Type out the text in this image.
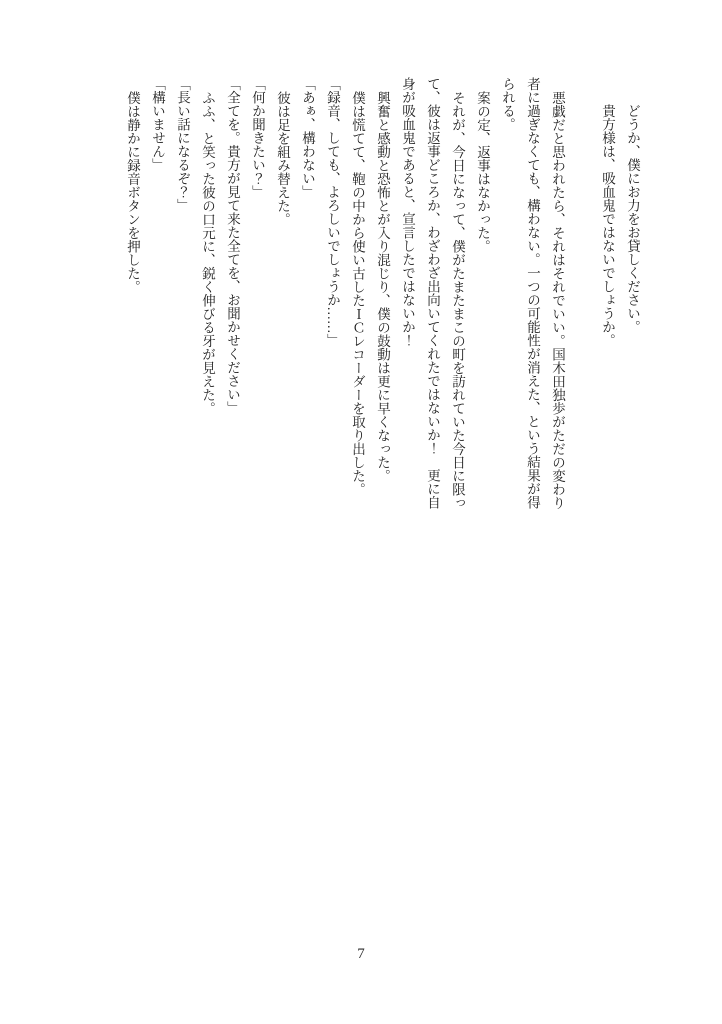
どうか、僕にお力をお貸しください。

貴方様は、吸血鬼ではないでしょうか。

悪戯だと思われたら、それはそれでいい。国木田独歩がただの変わり

者に過ぎなくても、構わない。一つの可能性が消えた、という結果が得

られる。

案の定、返事はなかった。

それが、今日になって、僕がたまたまこの町を訪れていた今日に限っ

て、彼は返事どころか、わざわざ出向いてくれたではないか！　更に自

身が吸血鬼であると、宣言したではないか！

興奮と感動と恐怖とが入り混じり、僕の鼓動は更に早くなった。

僕は慌てて、鞄の中から使い古したＩＣレコーダーを取り出した。

「録音、しても、よろしいでしょうか……」

「あぁ、構わない」

彼は足を組み替えた。

「何か聞きたい？」

「全てを。貴方が見て来た全てを、お聞かせください」

ふふ、と笑った彼の口元に、鋭く伸びる牙が見えた。

「長い話になるぞ？」

「構いません」

僕は静かに録音ボタンを押した。

7
